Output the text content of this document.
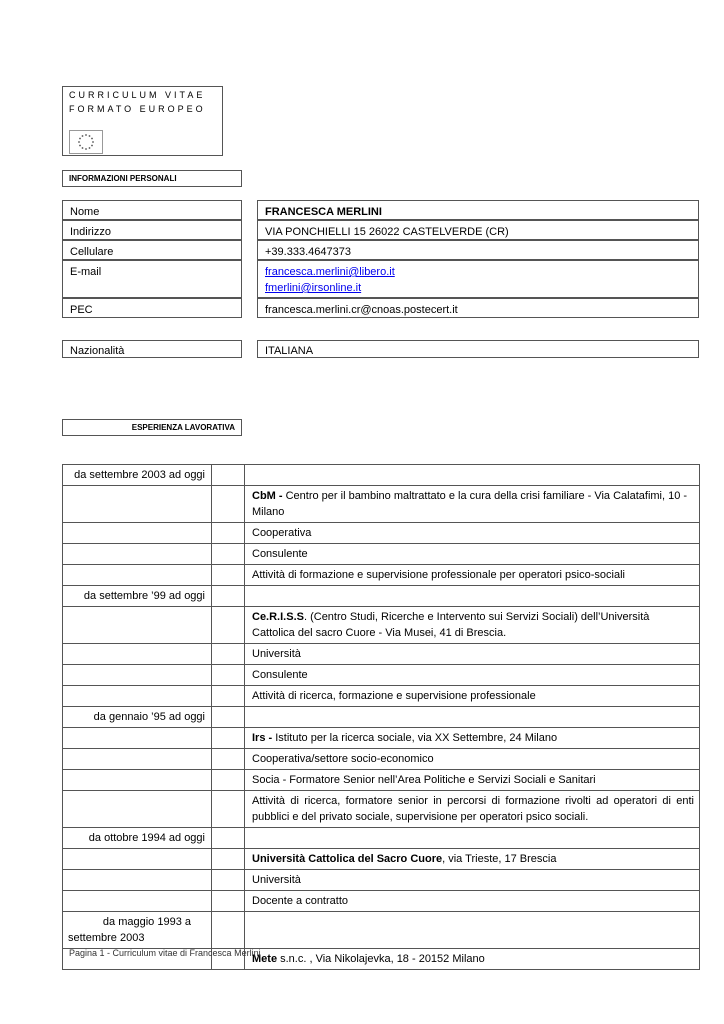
CURRICULUM VITAE
FORMATO EUROPEO
INFORMAZIONI PERSONALI
Nome	FRANCESCA MERLINI
Indirizzo	VIA PONCHIELLI 15 26022 CASTELVERDE (CR)
Cellulare	+39.333.4647373
E-mail	francesca.merlini@libero.it
fmerlini@irsonline.it
PEC	francesca.merlini.cr@cnoas.postecert.it
Nazionalità	ITALIANA
ESPERIENZA LAVORATIVA
da settembre 2003 ad oggi		
		CbM - Centro per il bambino maltrattato e la cura della crisi familiare - Via Calatafimi, 10 - Milano
		Cooperativa
		Consulente
		Attività di formazione e supervisione professionale per operatori psico-sociali
da settembre ’99 ad oggi		
		Ce.R.I.S.S. (Centro Studi, Ricerche e Intervento sui Servizi Sociali) dell’Università Cattolica del sacro Cuore - Via Musei, 41 di Brescia.
		Università
		Consulente
		Attività di ricerca, formazione e supervisione professionale
da gennaio ’95 ad oggi		
		Irs - Istituto per la ricerca sociale, via XX Settembre, 24 Milano
		Cooperativa/settore socio-economico
		Socia - Formatore Senior nell’Area Politiche e Servizi Sociali e Sanitari
		Attività di ricerca, formatore senior in percorsi di formazione rivolti ad operatori di enti pubblici e del privato sociale, supervisione per operatori psico sociali.
da ottobre 1994 ad oggi		
		Università Cattolica del Sacro Cuore, via Trieste, 17 Brescia
		Università
		Docente a contratto

da maggio 1993 a
settembre 2003		

		Mete s.n.c. , Via Nikolajevka, 18 - 20152 Milano
Pagina 1 - Curriculum vitae di Francesca Merlini
